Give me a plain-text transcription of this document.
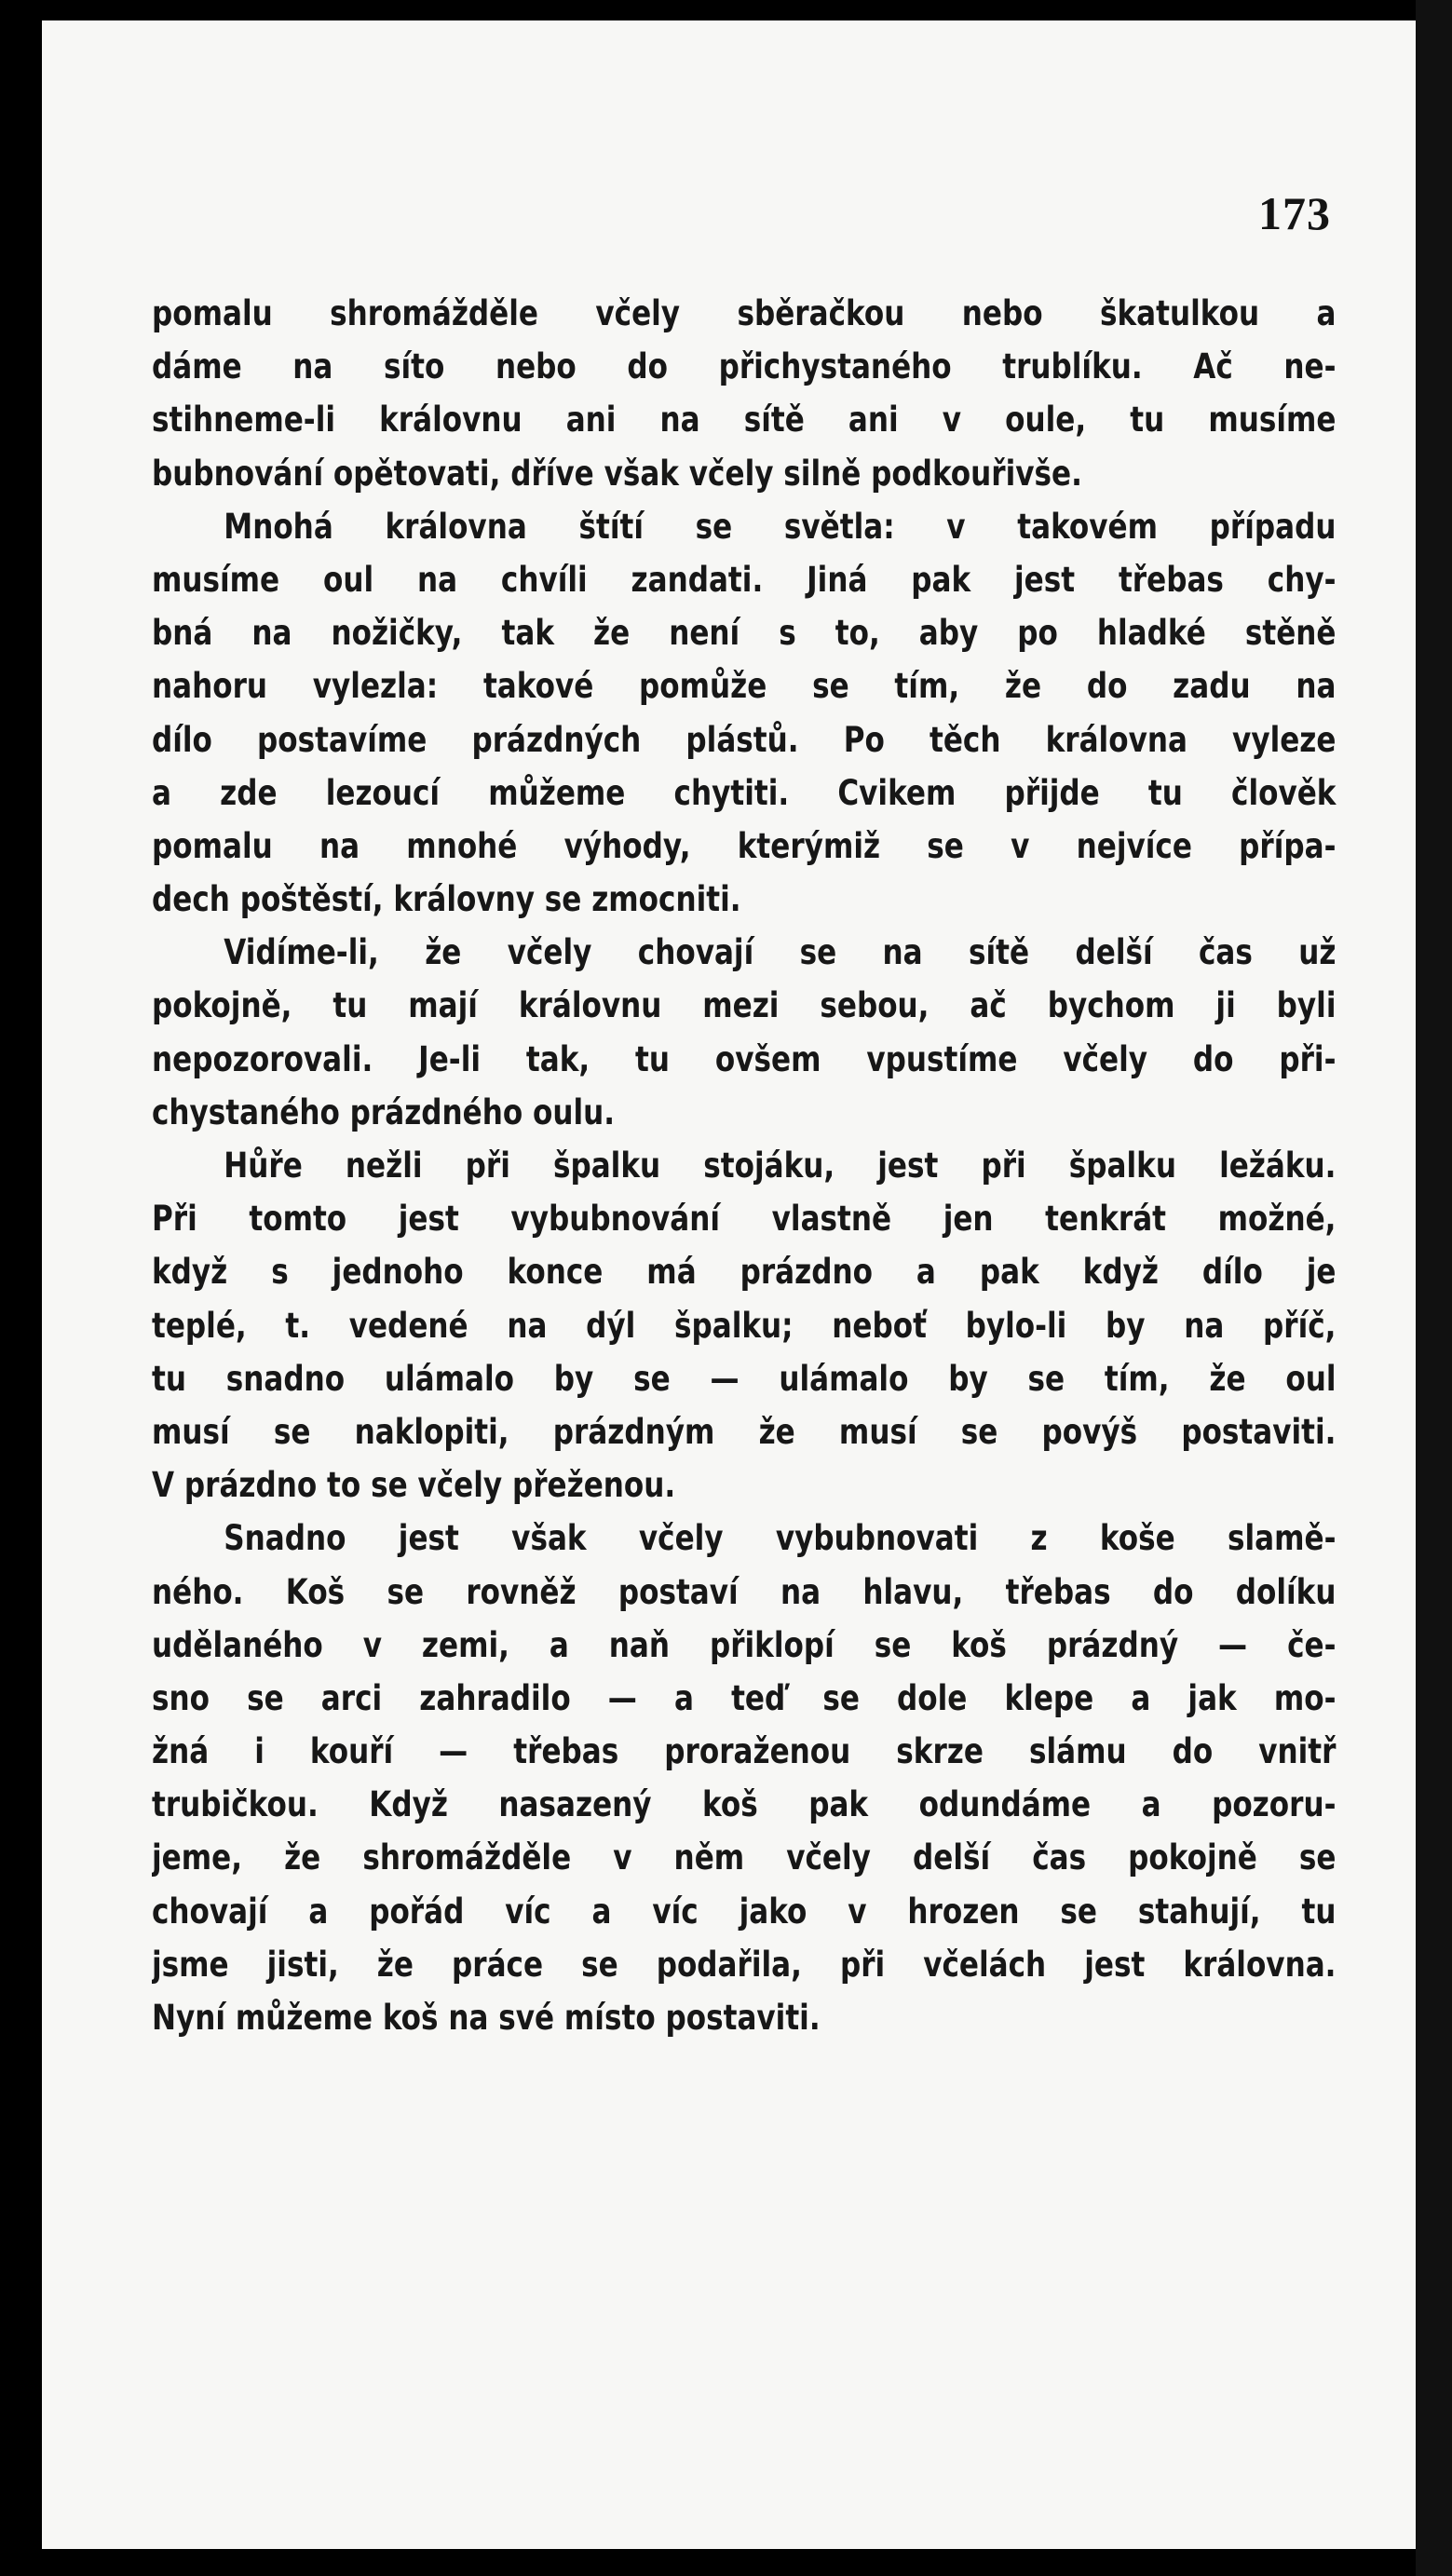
173
pomalu shromážděle včely sběračkou nebo škatulkou a
dáme na síto nebo do přichystaného trublíku. Ač ne-
stihneme-li královnu ani na sítě ani v oule, tu musíme
bubnování opětovati, dříve však včely silně podkouřivše.
Mnohá královna štítí se světla: v takovém případu
musíme oul na chvíli zandati. Jiná pak jest třebas chy-
bná na nožičky, tak že není s to, aby po hladké stěně
nahoru vylezla: takové pomůže se tím, že do zadu na
dílo postavíme prázdných plástů. Po těch královna vyleze
a zde lezoucí můžeme chytiti. Cvikem přijde tu člověk
pomalu na mnohé výhody, kterýmiž se v nejvíce přípa-
dech poštěstí, královny se zmocniti.
Vidíme-li, že včely chovají se na sítě delší čas už
pokojně, tu mají královnu mezi sebou, ač bychom ji byli
nepozorovali. Je-li tak, tu ovšem vpustíme včely do při-
chystaného prázdného oulu.
Hůře nežli při špalku stojáku, jest při špalku ležáku.
Při tomto jest vybubnování vlastně jen tenkrát možné,
když s jednoho konce má prázdno a pak když dílo je
teplé, t. vedené na dýl špalku; neboť bylo-li by na příč,
tu snadno ulámalo by se — ulámalo by se tím, že oul
musí se naklopiti, prázdným že musí se povýš postaviti.
V prázdno to se včely přeženou.
Snadno jest však včely vybubnovati z koše slamě-
ného. Koš se rovněž postaví na hlavu, třebas do dolíku
udělaného v zemi, a naň přiklopí se koš prázdný — če-
sno se arci zahradilo — a teď se dole klepe a jak mo-
žná i kouří — třebas proraženou skrze slámu do vnitř
trubičkou. Když nasazený koš pak odundáme a pozoru-
jeme, že shromážděle v něm včely delší čas pokojně se
chovají a pořád víc a víc jako v hrozen se stahují, tu
jsme jisti, že práce se podařila, při včelách jest královna.
Nyní můžeme koš na své místo postaviti.
